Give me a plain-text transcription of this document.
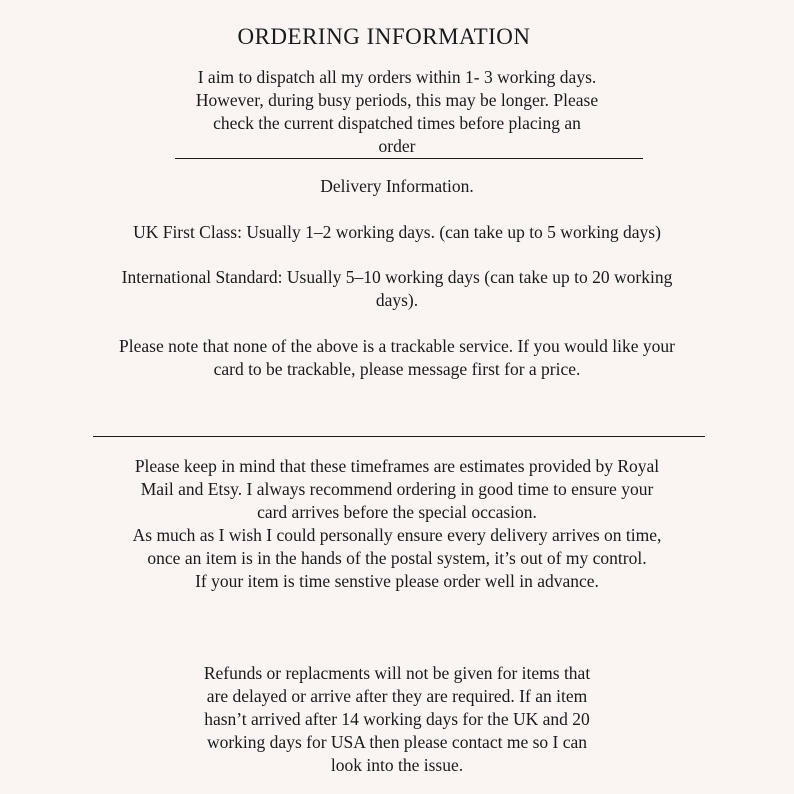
ORDERING INFORMATION
I aim to dispatch all my orders within 1- 3 working days.
However, during busy periods, this may be longer. Please
check the current dispatched times before placing an
order
Delivery Information.
UK First Class: Usually 1–2 working days. (can take up to 5 working days)
International Standard: Usually 5–10 working days (can take up to 20 working
days).
Please note that none of the above is a trackable service. If you would like your
card to be trackable, please message first for a price.
Please keep in mind that these timeframes are estimates provided by Royal
Mail and Etsy. I always recommend ordering in good time to ensure your
card arrives before the special occasion.
As much as I wish I could personally ensure every delivery arrives on time,
once an item is in the hands of the postal system, it’s out of my control.
If your item is time senstive please order well in advance.
Refunds or replacments will not be given for items that
are delayed or arrive after they are required. If an item
hasn’t arrived after 14 working days for the UK and 20
working days for USA then please contact me so I can
look into the issue.
